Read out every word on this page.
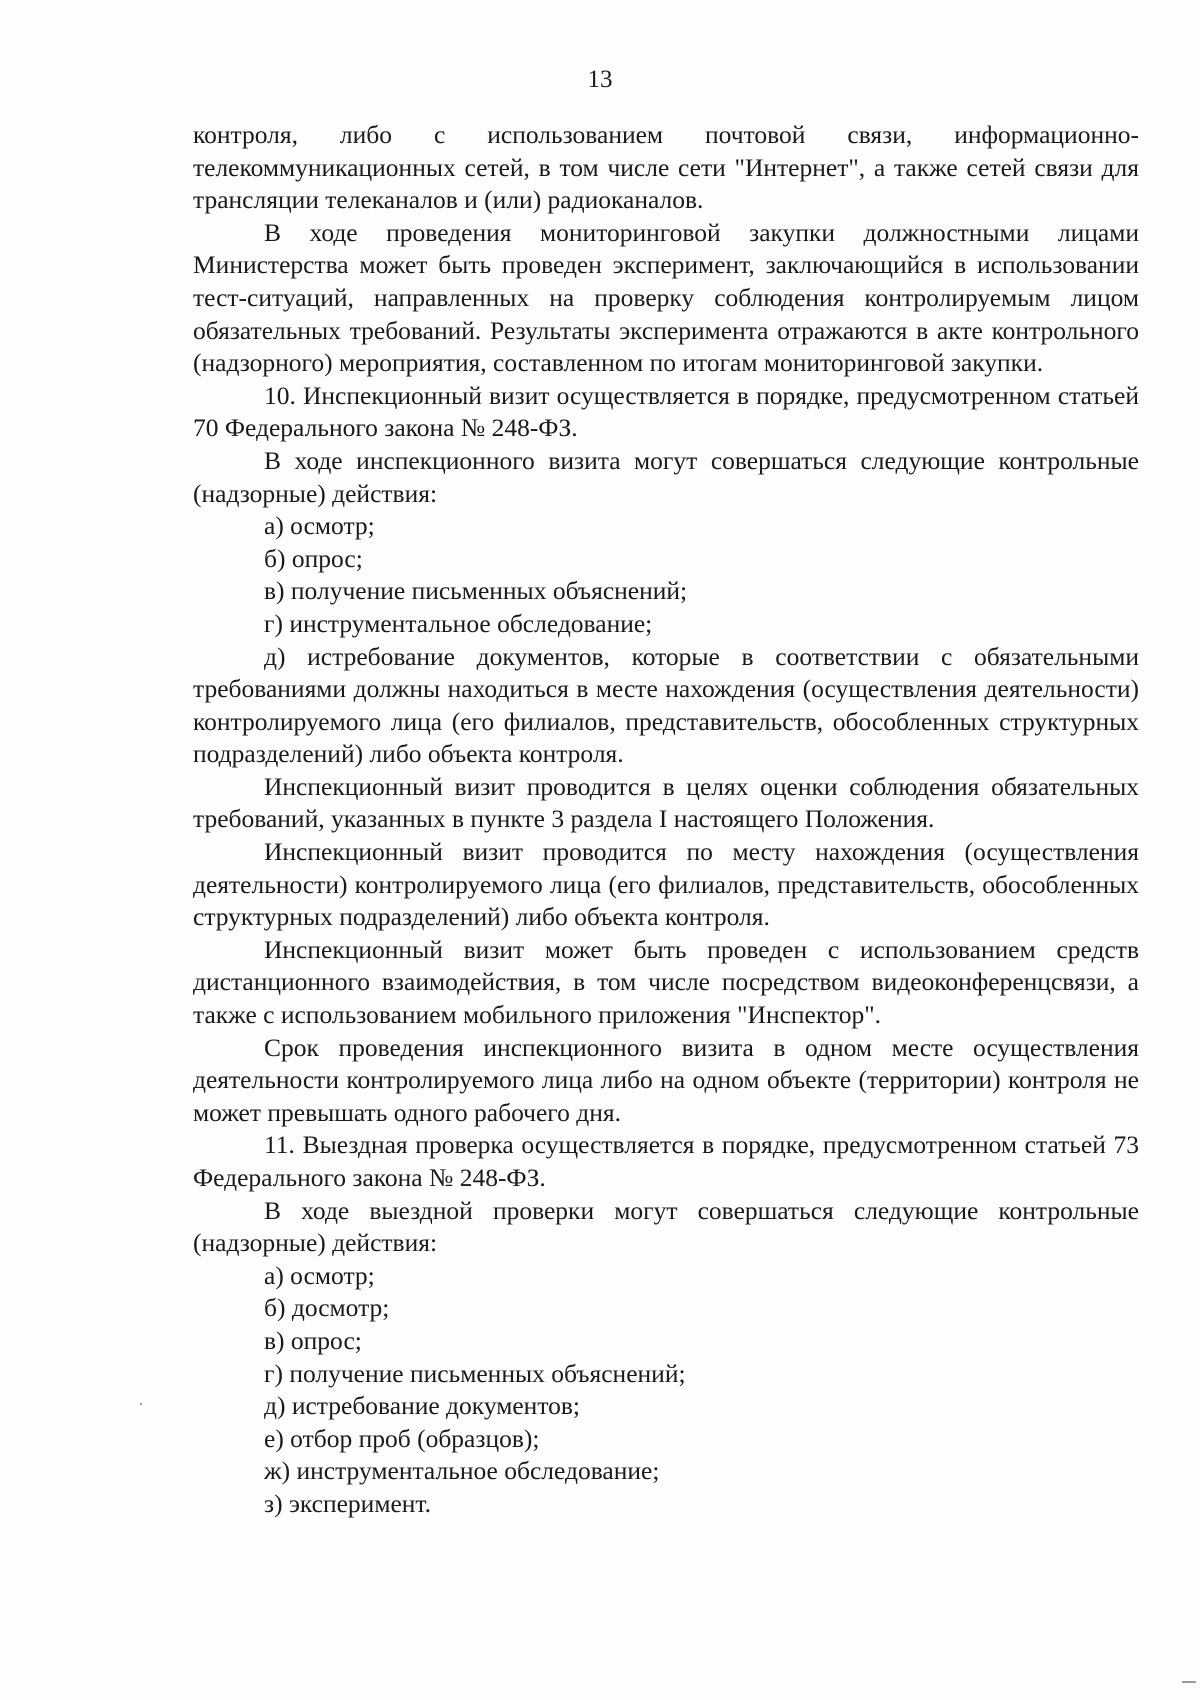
13

контроля, либо с использованием почтовой связи, информационно-телекоммуникационных сетей, в том числе сети "Интернет", а также сетей связи для трансляции телеканалов и (или) радиоканалов.

В ходе проведения мониторинговой закупки должностными лицами Министерства может быть проведен эксперимент, заключающийся в использовании тест-ситуаций, направленных на проверку соблюдения контролируемым лицом обязательных требований. Результаты эксперимента отражаются в акте контрольного (надзорного) мероприятия, составленном по итогам мониторинговой закупки.

10. Инспекционный визит осуществляется в порядке, предусмотренном статьей 70 Федерального закона № 248-ФЗ.

В ходе инспекционного визита могут совершаться следующие контрольные (надзорные) действия:

а) осмотр;

б) опрос;

в) получение письменных объяснений;

г) инструментальное обследование;

д) истребование документов, которые в соответствии с обязательными требованиями должны находиться в месте нахождения (осуществления деятельности) контролируемого лица (его филиалов, представительств, обособленных структурных подразделений) либо объекта контроля.

Инспекционный визит проводится в целях оценки соблюдения обязательных требований, указанных в пункте 3 раздела I настоящего Положения.

Инспекционный визит проводится по месту нахождения (осуществления деятельности) контролируемого лица (его филиалов, представительств, обособленных структурных подразделений) либо объекта контроля.

Инспекционный визит может быть проведен с использованием средств дистанционного взаимодействия, в том числе посредством видеоконференцсвязи, а также с использованием мобильного приложения "Инспектор".

Срок проведения инспекционного визита в одном месте осуществления деятельности контролируемого лица либо на одном объекте (территории) контроля не может превышать одного рабочего дня.

11. Выездная проверка осуществляется в порядке, предусмотренном статьей 73 Федерального закона № 248-ФЗ.

В ходе выездной проверки могут совершаться следующие контрольные (надзорные) действия:

а) осмотр;

б) досмотр;

в) опрос;

г) получение письменных объяснений;

д) истребование документов;

е) отбор проб (образцов);

ж) инструментальное обследование;

з) эксперимент.
